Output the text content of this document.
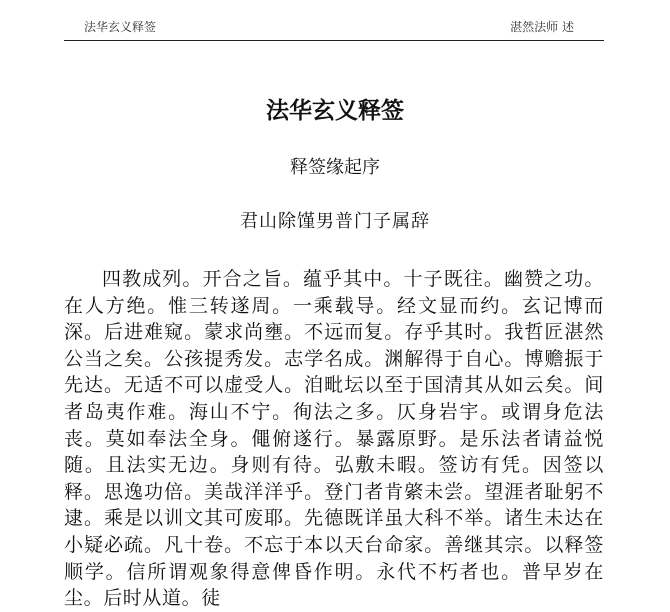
法华玄义释签	湛然法师 述
法华玄义释签
释签缘起序
君山除馑男普门子属辞

四教成列。开合之旨。蕴乎其中。十子既往。幽赞之功。在人方绝。惟三转遂周。一乘载导。经文显而约。玄记博而深。后进难窥。蒙求尚壅。不远而复。存乎其时。我哲匠湛然公当之矣。公孩提秀发。志学名成。渊解得于自心。博赡振于先达。无适不可以虚受人。洎毗坛以至于国清其从如云矣。间者岛夷作难。海山不宁。徇法之多。仄身岩宇。或谓身危法丧。莫如奉法全身。僶俯遂行。暴露原野。是乐法者请益悦随。且法实无边。身则有待。弘敷未暇。签访有凭。因签以释。思逸功倍。美哉洋洋乎。登门者肯綮未尝。望涯者耻躬不逮。乘是以训文其可废耶。先德既详虽大科不举。诸生未达在小疑必疏。凡十卷。不忘于本以天台命家。善继其宗。以释签顺学。信所谓观象得意俾昏作明。永代不朽者也。普早岁在尘。后时从道。徒
